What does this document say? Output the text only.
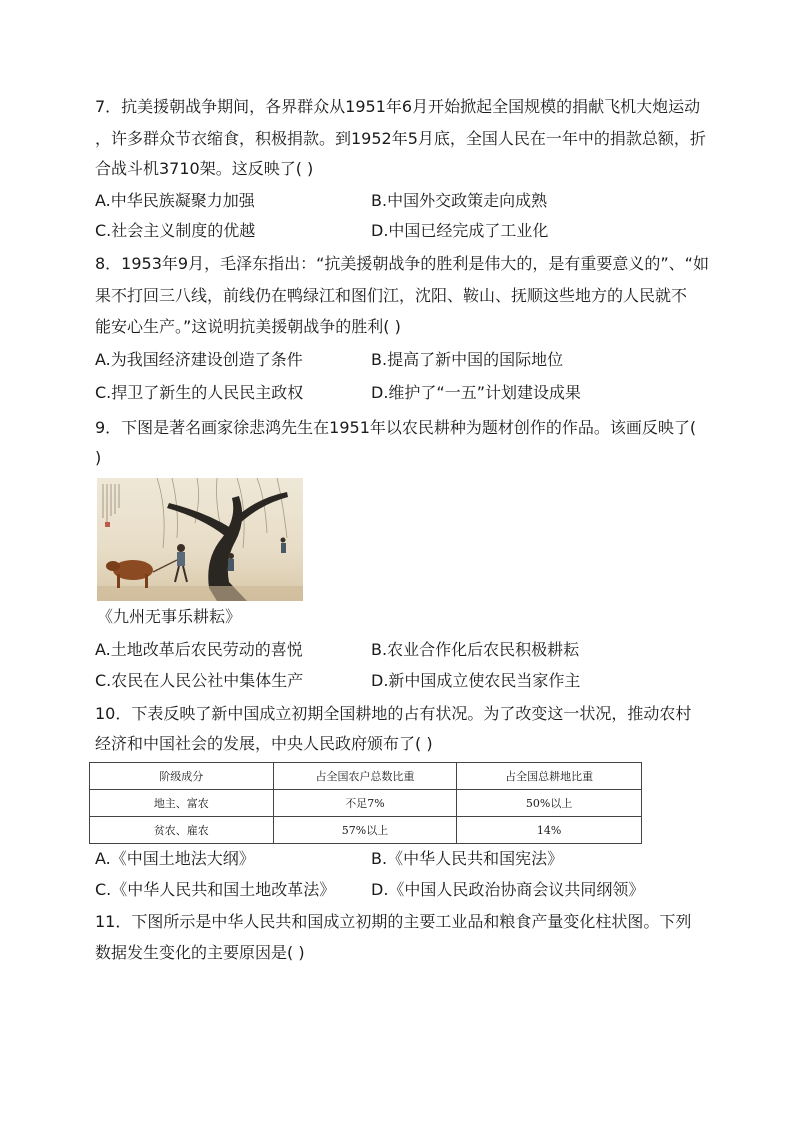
7．抗美援朝战争期间，各界群众从1951年6月开始掀起全国规模的捐献飞机大炮运动
，许多群众节衣缩食，积极捐款。到1952年5月底，全国人民在一年中的捐款总额，折
合战斗机3710架。这反映了( )
A.中华民族凝聚力加强	B.中国外交政策走向成熟
C.社会主义制度的优越	D.中国已经完成了工业化
8．1953年9月，毛泽东指出：“抗美援朝战争的胜利是伟大的，是有重要意义的”、“如
果不打回三八线，前线仍在鸭绿江和图们江，沈阳、鞍山、抚顺这些地方的人民就不
能安心生产。”这说明抗美援朝战争的胜利( )
A.为我国经济建设创造了条件	B.提高了新中国的国际地位
C.捍卫了新生的人民民主政权	D.维护了“一五”计划建设成果
9．下图是著名画家徐悲鸿先生在1951年以农民耕种为题材创作的作品。该画反映了(
)
《九州无事乐耕耘》
A.土地改革后农民劳动的喜悦	B.农业合作化后农民积极耕耘
C.农民在人民公社中集体生产	D.新中国成立使农民当家作主
10．下表反映了新中国成立初期全国耕地的占有状况。为了改变这一状况，推动农村
经济和中国社会的发展，中央人民政府颁布了( )
阶级成分	占全国农户总数比重	占全国总耕地比重
地主、富农	不足7%	50%以上
贫农、雇农	57%以上	14%
A.《中国土地法大纲》	B.《中华人民共和国宪法》
C.《中华人民共和国土地改革法》 D.《中国人民政治协商会议共同纲领》
11．下图所示是中华人民共和国成立初期的主要工业品和粮食产量变化柱状图。下列
数据发生变化的主要原因是( )
